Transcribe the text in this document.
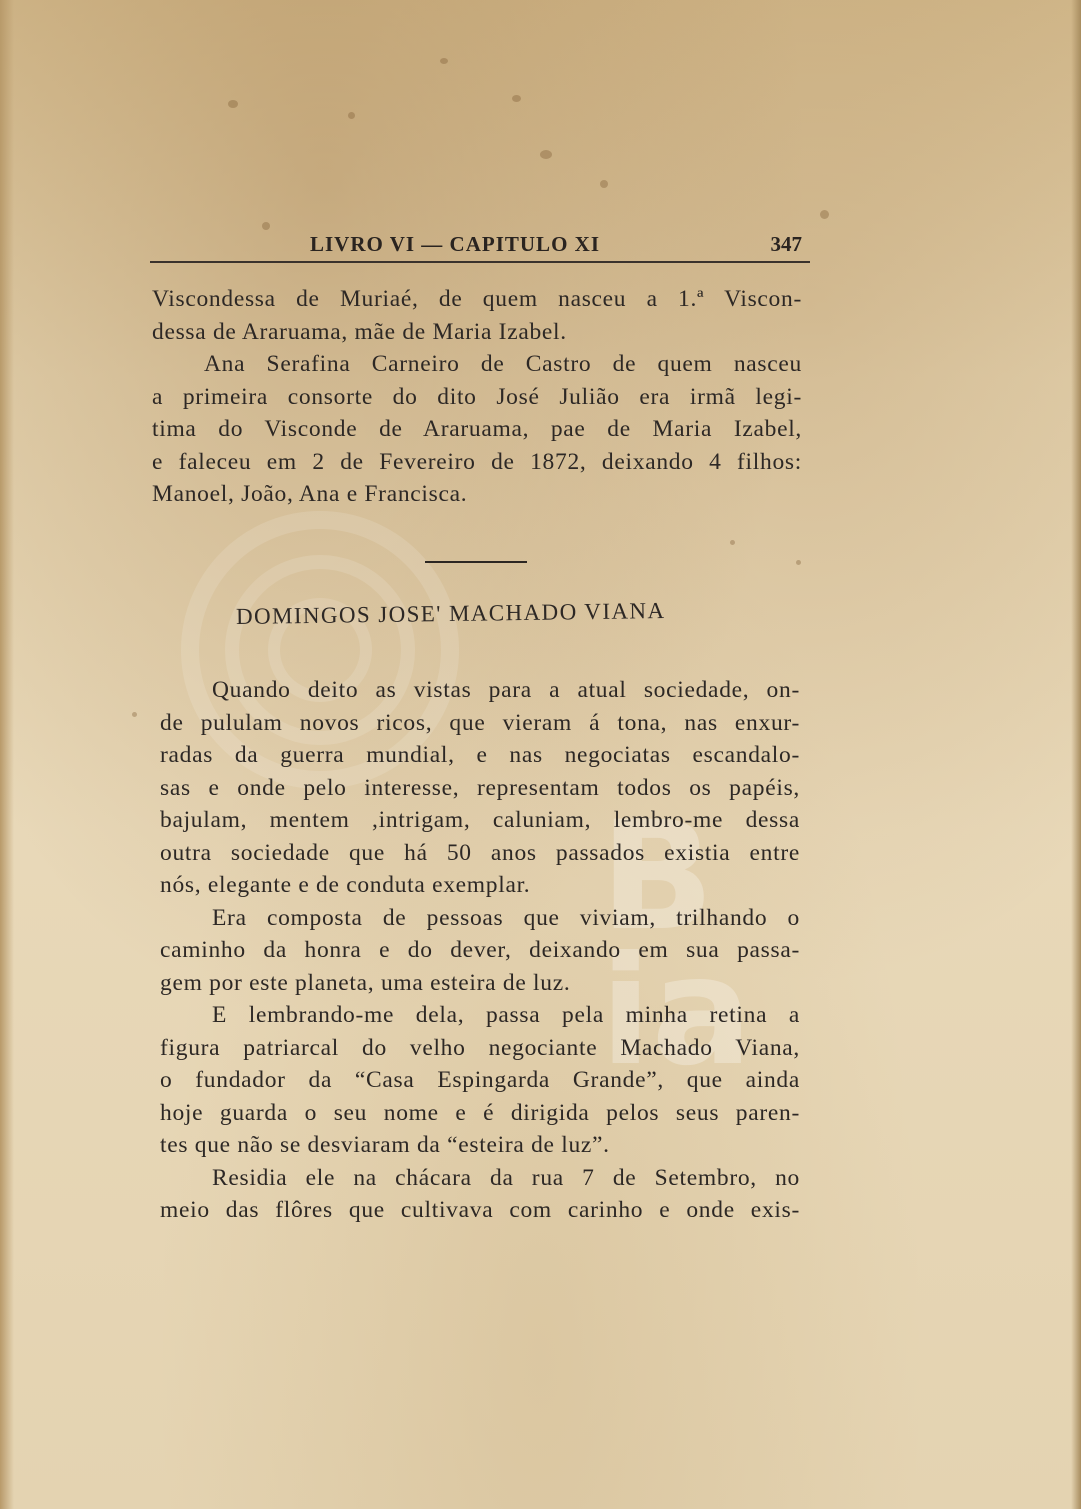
B
ia
LIVRO VI — CAPITULO XI	347
Viscondessa de Muriaé, de quem nasceu a 1.ª Viscon-
dessa de Araruama, mãe de Maria Izabel.
Ana Serafina Carneiro de Castro de quem nasceu
a primeira consorte do dito José Julião era irmã legi-
tima do Visconde de Araruama, pae de Maria Izabel,
e faleceu em 2 de Fevereiro de 1872, deixando 4 filhos:
Manoel, João, Ana e Francisca.
DOMINGOS JOSE' MACHADO VIANA
Quando deito as vistas para a atual sociedade, on-
de pululam novos ricos, que vieram á tona, nas enxur-
radas da guerra mundial, e nas negociatas escandalo-
sas e onde pelo interesse, representam todos os papéis,
bajulam, mentem ,intrigam, caluniam, lembro-me dessa
outra sociedade que há 50 anos passados existia entre
nós, elegante e de conduta exemplar.
Era composta de pessoas que viviam, trilhando o
caminho da honra e do dever, deixando em sua passa-
gem por este planeta, uma esteira de luz.
E lembrando-me dela, passa pela minha retina a
figura patriarcal do velho negociante Machado Viana,
o fundador da “Casa Espingarda Grande”, que ainda
hoje guarda o seu nome e é dirigida pelos seus paren-
tes que não se desviaram da “esteira de luz”.
Residia ele na chácara da rua 7 de Setembro, no
meio das flôres que cultivava com carinho e onde exis-
